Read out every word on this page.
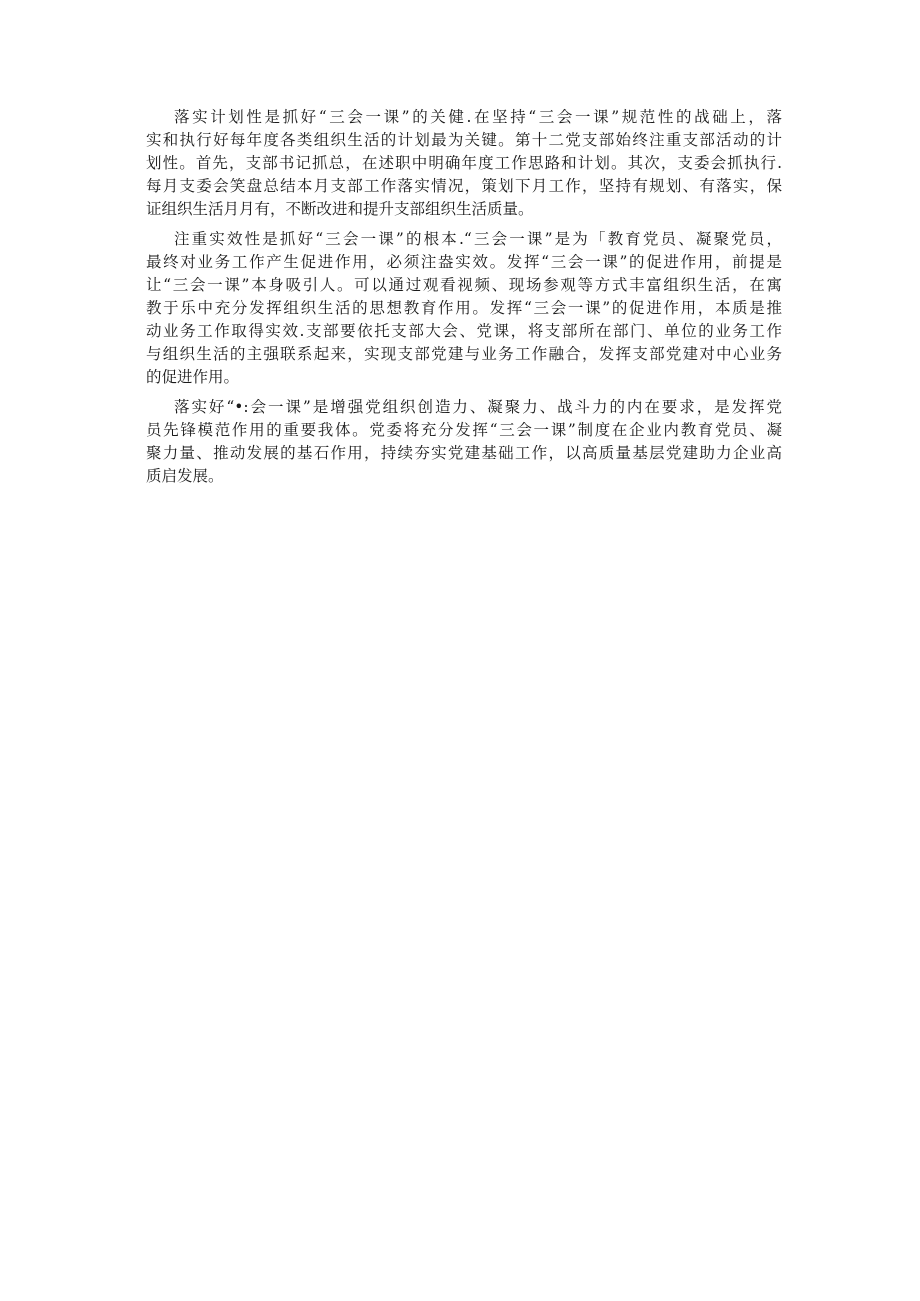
落实计划性是抓好“三会一课”的关健.在坚持“三会一课”规范性的战础上，落
实和执行好每年度各类组织生活的计划最为关键。第十二党支部始终注重支部活动的计
划性。首先，支部书记抓总，在述职中明确年度工作思路和计划。其次，支委会抓执行.
每月支委会笑盘总结本月支部工作落实情况，策划下月工作，坚持有规划、有落实，保
证组织生活月月有，不断改进和提升支部组织生活质量。

注重实效性是抓好“三会一课”的根本.“三会一课”是为「教育党员、凝聚党员，
最终对业务工作产生促进作用，必须注盎实效。发挥“三会一课”的促进作用，前提是
让“三会一课”本身吸引人。可以通过观看视频、现场参观等方式丰富组织生活，在寓
教于乐中充分发挥组织生活的思想教育作用。发挥“三会一课”的促进作用，本质是推
动业务工作取得实效.支部要依托支部大会、党课，将支部所在部门、单位的业务工作
与组织生活的主强联系起来，实现支部党建与业务工作融合，发挥支部党建对中心业务
的促进作用。

落实好“•:会一课”是增强党组织创造力、凝聚力、战斗力的内在要求，是发挥党
员先锋模范作用的重要我体。党委将充分发挥“三会一课”制度在企业内教育党员、凝
聚力量、推动发展的基石作用，持续夯实党建基础工作，以高质量基层党建助力企业高
质启发展。
